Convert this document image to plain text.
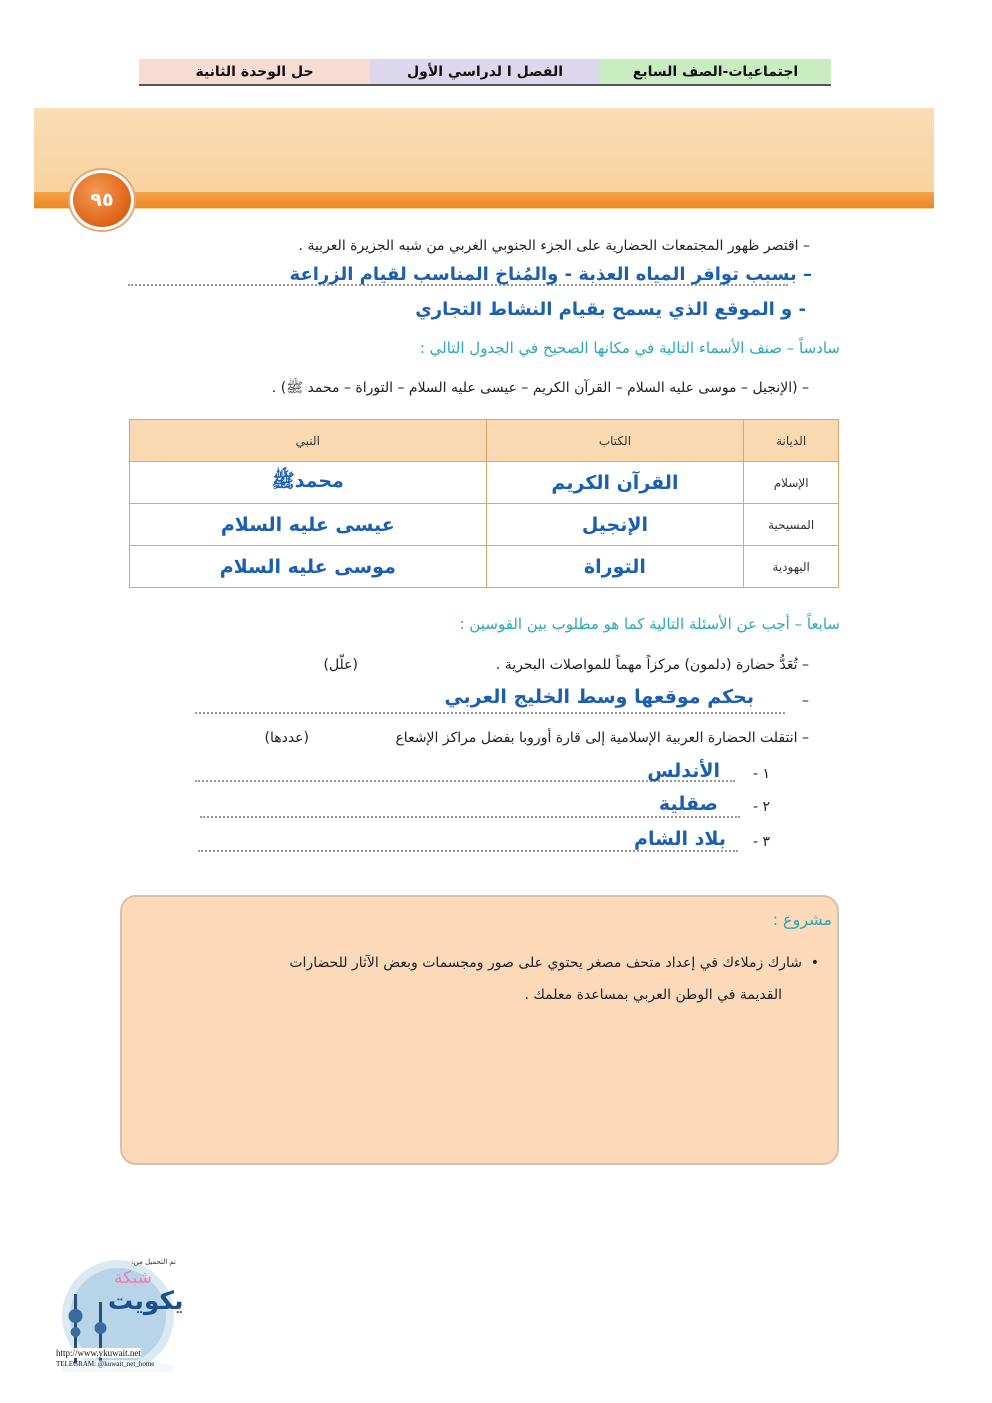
اجتماعيات-الصف السابع
الفصل ا لدراسي الأول
حل الوحدة الثانية
٩٥
– اقتصر ظهور المجتمعات الحضارية على الجزء الجنوبي الغربي من شبه الجزيرة العربية .
– بسبب توافر المياه العذبة - والمُناخ المناسب لقيام الزراعة
- و الموقع الذي يسمح بقيام النشاط التجاري
سادساً – صنف الأسماء التالية في مكانها الصحيح في الجدول التالي :
– (الإنجيل – موسى عليه السلام – القرآن الكريم – عيسى عليه السلام – التوراة – محمد ﷺ) .
الديانة	الكتاب	النبي
الإسلام	القرآن الكريم	محمدﷺ
المسيحية	الإنجيل	عيسى عليه السلام
اليهودية	التوراة	موسى عليه السلام
سابعاً – أجب عن الأسئلة التالية كما هو مطلوب بين القوسين :
– تُعَدُّ حضارة (دلمون) مركزاً مهماً للمواصلات البحرية .
(علّل)
–
بحكم موقعها وسط الخليج العربي
– انتقلت الحضارة العربية الإسلامية إلى قارة أوروبا بفضل مراكز الإشعاع
(عددها)
١ -
الأندلس
٢ -
صقلية
٣ -
بلاد الشام
مشروع :
•
شارك زملاءك في إعداد متحف مصغر يحتوي على صور ومجسمات وبعض الآثار للحضارات
القديمة في الوطن العربي بمساعدة معلمك .
تم التحميل من:
شبكة
يكويت
http://www.ykuwait.net
TELEGRAM: @kuwait_net_home
